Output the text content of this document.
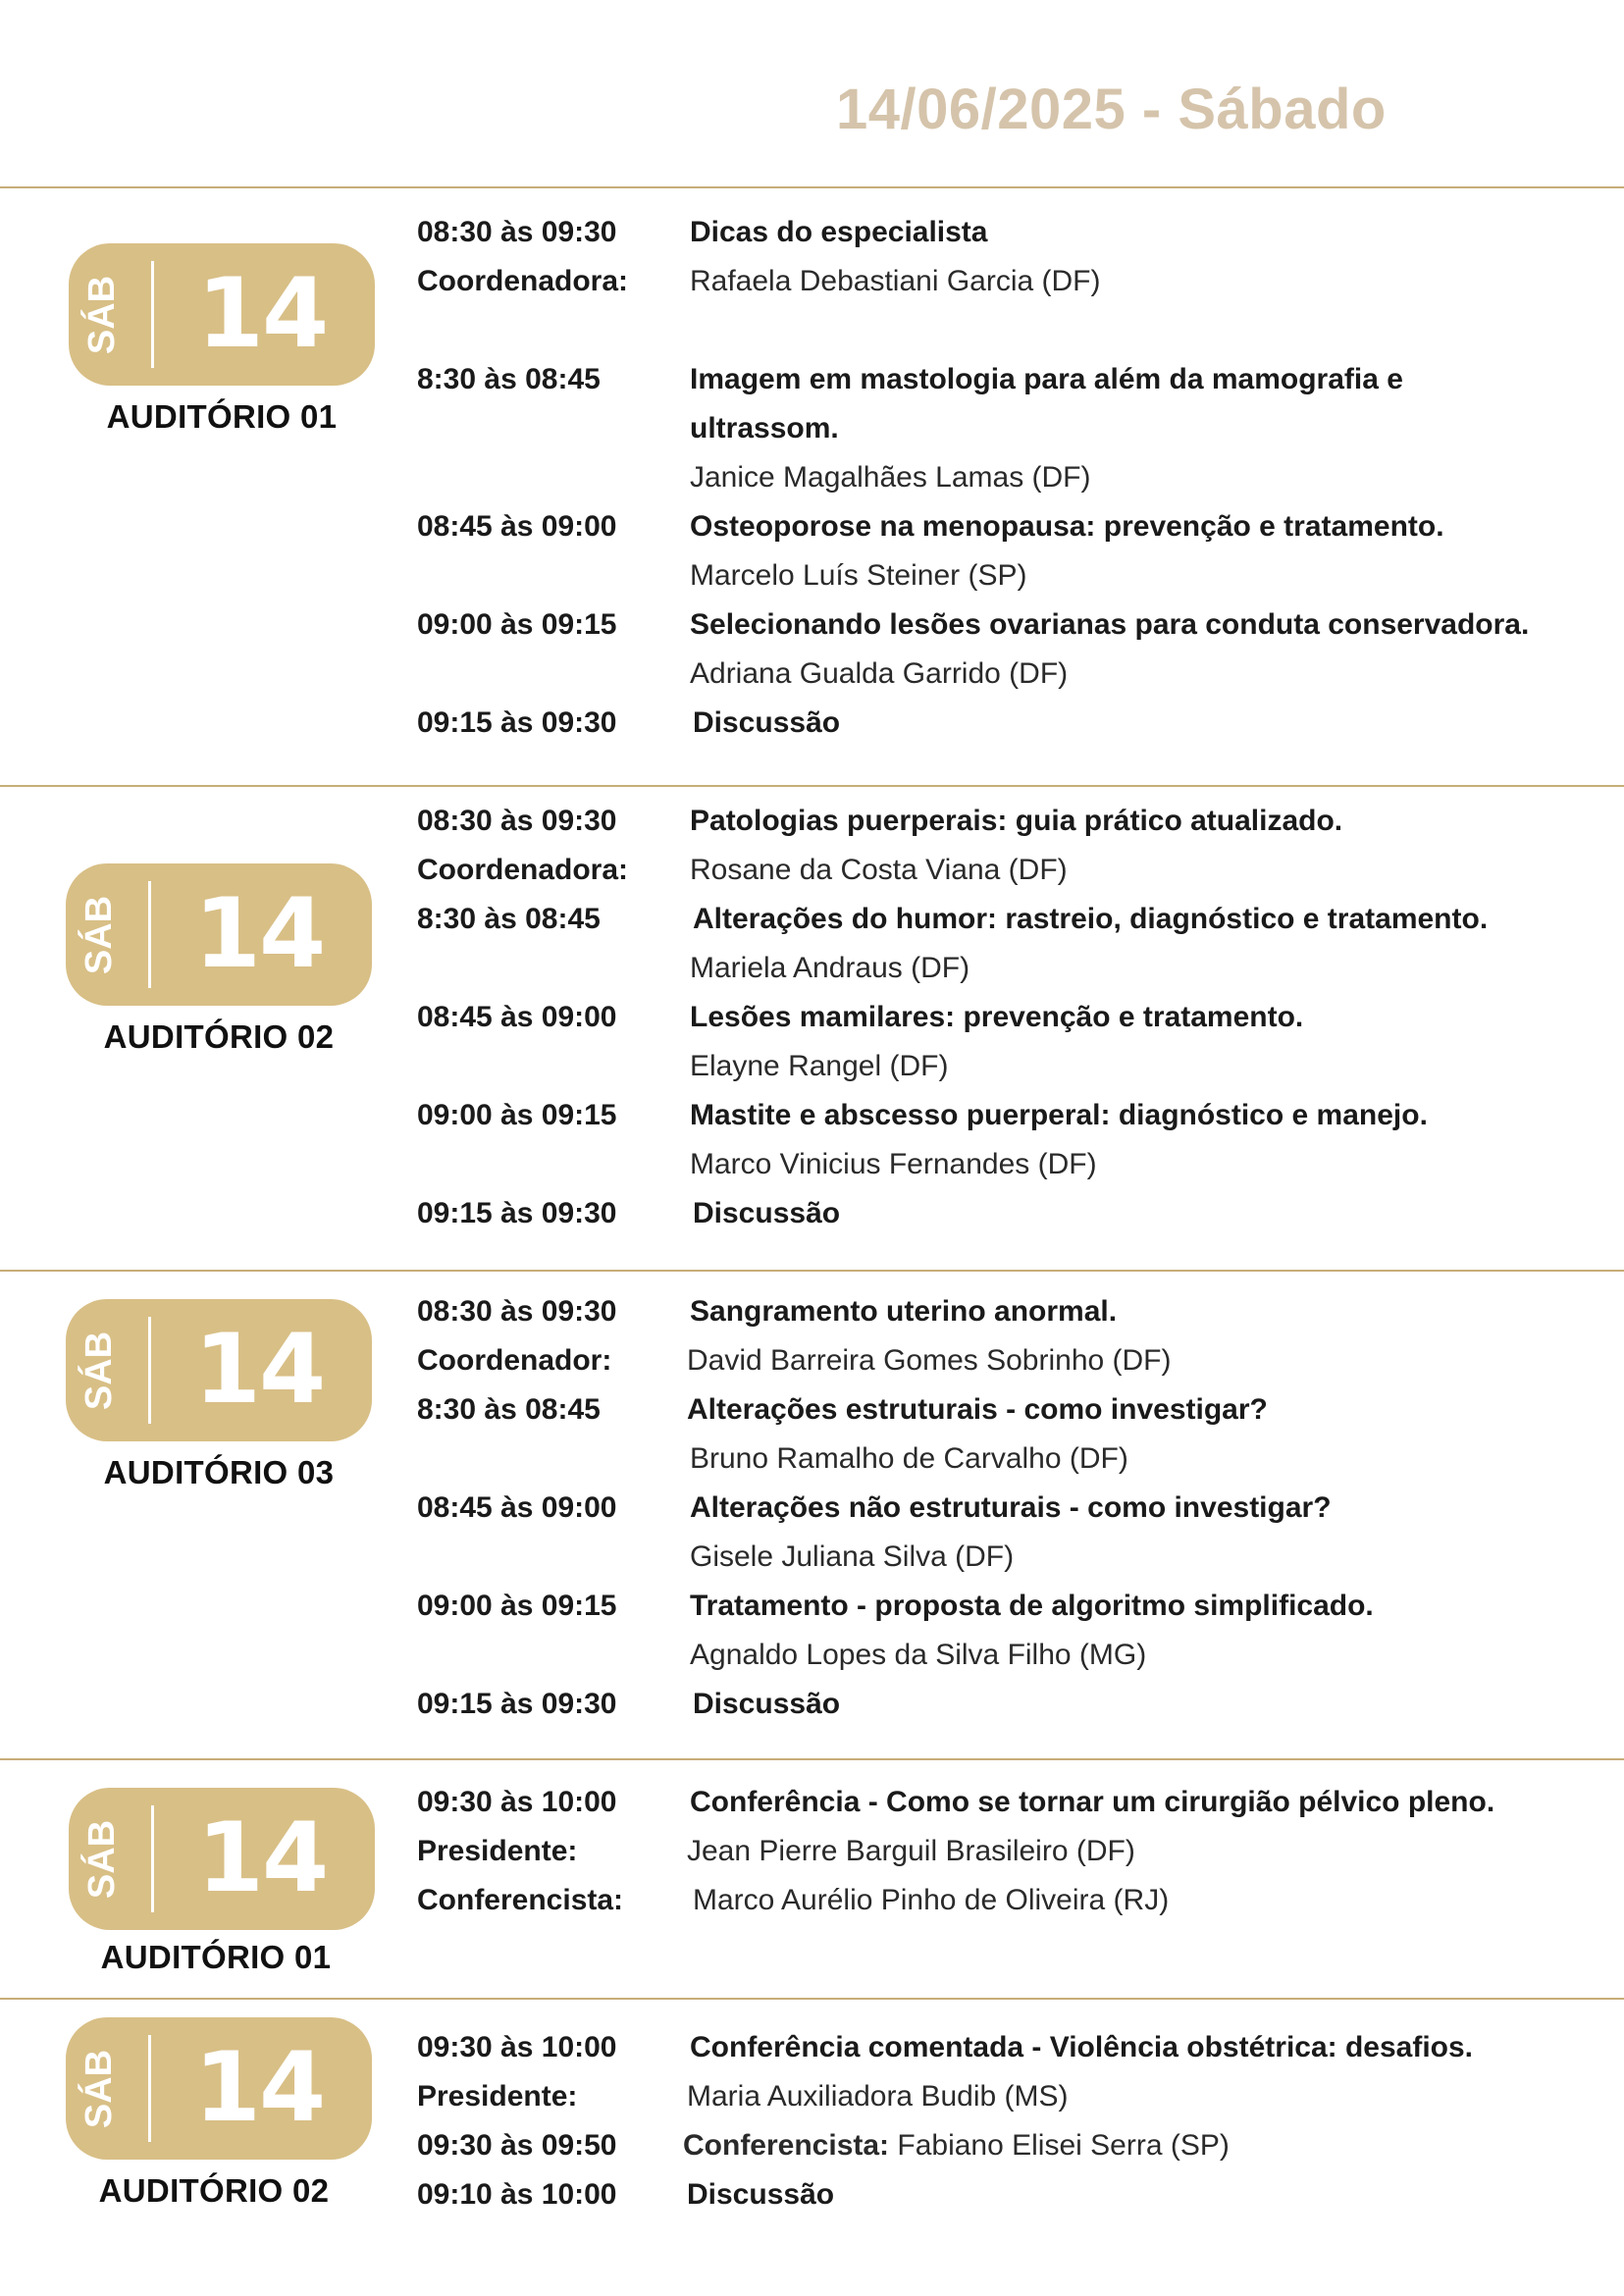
14/06/2025 - Sábado
SÁB 14
AUDITÓRIO 01
08:30 às 09:30 Dicas do especialista
Coordenadora: Rafaela Debastiani Garcia (DF)
8:30 às 08:45	Imagem em mastologia para além da mamografia e
ultrassom.
Janice Magalhães Lamas (DF)
08:45 às 09:00 Osteoporose na menopausa: prevenção e tratamento.
Marcelo Luís Steiner (SP)
09:00 às 09:15 Selecionando lesões ovarianas para conduta conservadora.
Adriana Gualda Garrido (DF)
09:15 às 09:30	Discussão
SÁB 14
AUDITÓRIO 02
08:30 às 09:30 Patologias puerperais: guia prático atualizado.
Coordenadora: Rosane da Costa Viana (DF)
8:30 às 08:45	Alterações do humor: rastreio, diagnóstico e tratamento.
Mariela Andraus (DF)
08:45 às 09:00 Lesões mamilares: prevenção e tratamento.
Elayne Rangel (DF)
09:00 às 09:15 Mastite e abscesso puerperal: diagnóstico e manejo.
Marco Vinicius Fernandes (DF)
09:15 às 09:30	Discussão
SÁB 14
AUDITÓRIO 03
08:30 às 09:30 Sangramento uterino anormal.
Coordenador:	David Barreira Gomes Sobrinho (DF)
8:30 às 08:45	Alterações estruturais - como investigar?
Bruno Ramalho de Carvalho (DF)
08:45 às 09:00 Alterações não estruturais - como investigar?
Gisele Juliana Silva (DF)
09:00 às 09:15 Tratamento - proposta de algoritmo simplificado.
Agnaldo Lopes da Silva Filho (MG)
09:15 às 09:30	Discussão
SÁB 14
AUDITÓRIO 01
09:30 às 10:00 Conferência - Como se tornar um cirurgião pélvico pleno.
Presidente:	Jean Pierre Barguil Brasileiro (DF)
Conferencista: Marco Aurélio Pinho de Oliveira (RJ)
SÁB 14
AUDITÓRIO 02
09:30 às 10:00 Conferência comentada - Violência obstétrica: desafios.
Presidente:	Maria Auxiliadora Budib (MS)
09:30 às 09:50 Conferencista: Fabiano Elisei Serra (SP)
09:10 às 10:00 Discussão
